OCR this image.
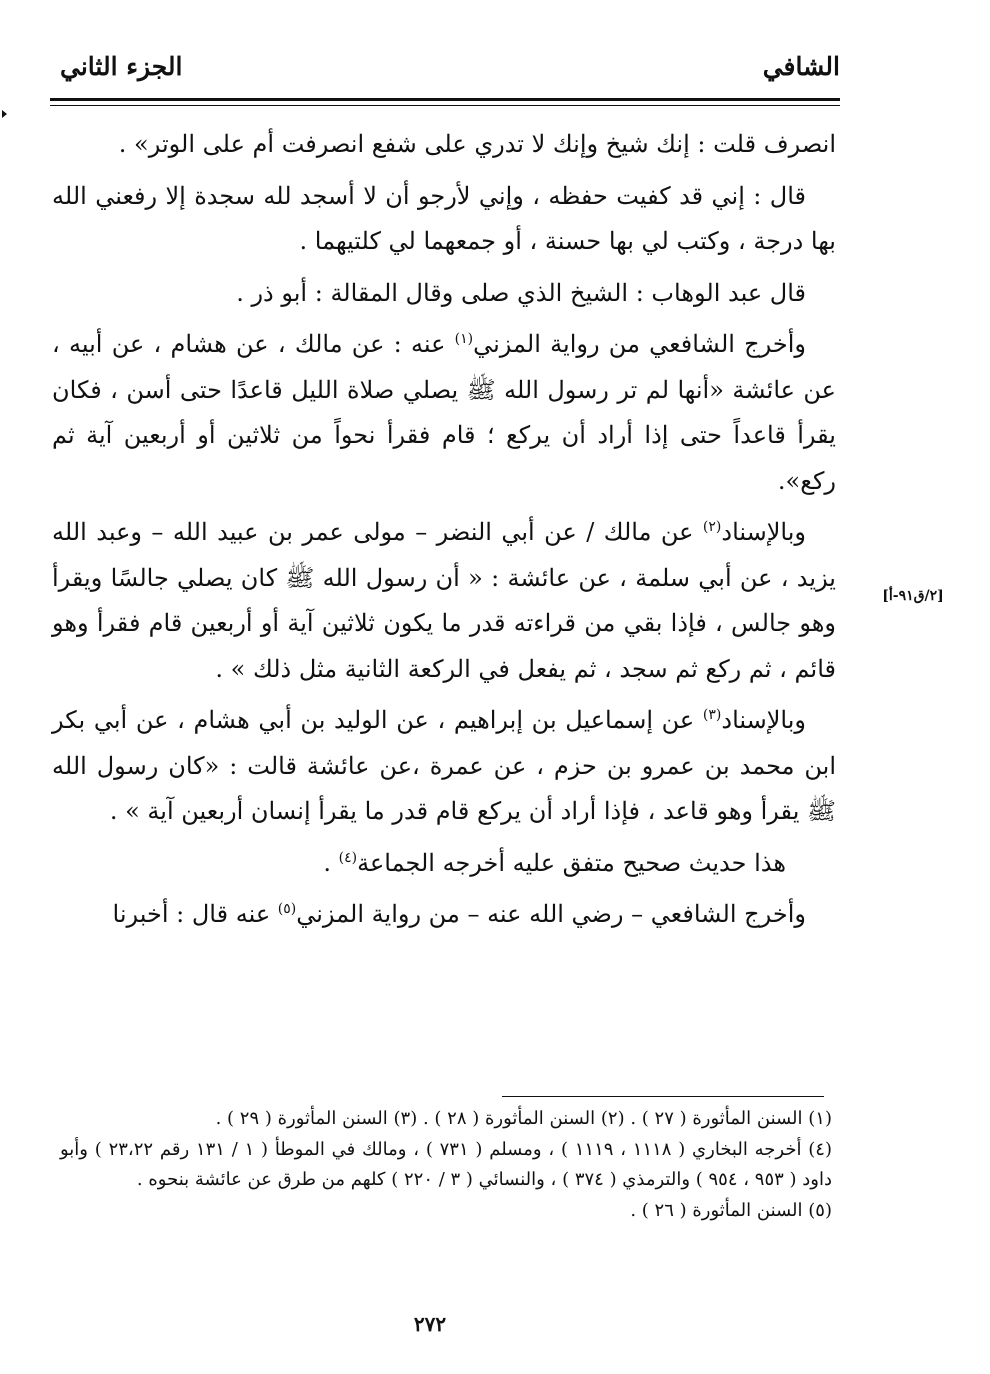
الشافي
الجزء الثاني

انصرف قلت : إنك شيخ وإنك لا تدري على شفع انصرفت أم على الوتر» .

قال : إني قد كفيت حفظه ، وإني لأرجو أن لا أسجد لله سجدة إلا رفعني الله بها درجة ، وكتب لي بها حسنة ، أو جمعهما لي كلتيهما .

قال عبد الوهاب : الشيخ الذي صلى وقال المقالة : أبو ذر .

وأخرج الشافعي من رواية المزني$^{(١)}$ عنه : عن مالك ، عن هشام ، عن أبيه ، عن عائشة «أنها لم تر رسول الله ﷺ يصلي صلاة الليل قاعدًا حتى أسن ، فكان يقرأ قاعداً حتى إذا أراد أن يركع ؛ قام فقرأ نحواً من ثلاثين أو أربعين آية ثم ركع».

وبالإسناد$^{(٢)}$ عن مالك / عن أبي النضر – مولى عمر بن عبيد الله – وعبد الله يزيد ، عن أبي سلمة ، عن عائشة : « أن رسول الله ﷺ كان يصلي جالسًا ويقرأ وهو جالس ، فإذا بقي من قراءته قدر ما يكون ثلاثين آية أو أربعين قام فقرأ وهو قائم ، ثم ركع ثم سجد ، ثم يفعل في الركعة الثانية مثل ذلك » .

وبالإسناد$^{(٣)}$ عن إسماعيل بن إبراهيم ، عن الوليد بن أبي هشام ، عن أبي بكر ابن محمد بن عمرو بن حزم ، عن عمرة ،عن عائشة قالت : «كان رسول الله ﷺ يقرأ وهو قاعد ، فإذا أراد أن يركع قام قدر ما يقرأ إنسان أربعين آية » .

هذا حديث صحيح متفق عليه أخرجه الجماعة$^{(٤)}$ .

وأخرج الشافعي – رضي الله عنه – من رواية المزني$^{(٥)}$ عنه قال : أخبرنا

[٢/ق٩١-أ]

(١) السنن المأثورة ( ٢٧ ) . (٢) السنن المأثورة ( ٢٨ ) . (٣) السنن المأثورة ( ٢٩ ) .

(٤) أخرجه البخاري ( ١١١٨ ، ١١١٩ ) ، ومسلم ( ٧٣١ ) ، ومالك في الموطأ ( ١ / ١٣١ رقم ٢٣،٢٢ ) وأبو داود ( ٩٥٣ ، ٩٥٤ ) والترمذي ( ٣٧٤ ) ، والنسائي ( ٣ / ٢٢٠ ) كلهم من طرق عن عائشة بنحوه .

(٥) السنن المأثورة ( ٢٦ ) .

٢٧٢
